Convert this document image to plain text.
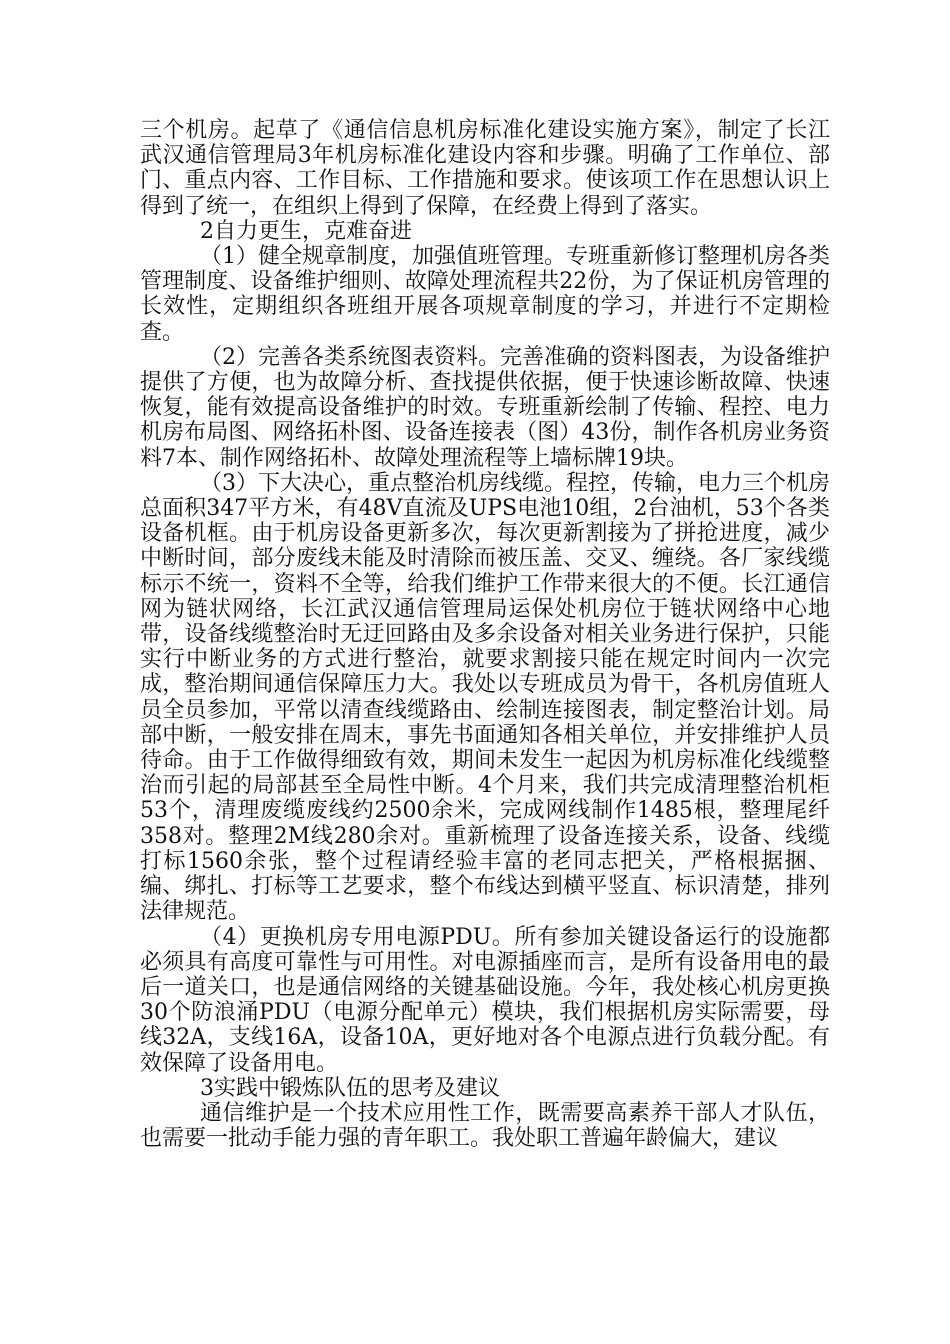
三个机房。起草了《通信信息机房标准化建设实施方案》，制定了长江武汉通信管理局3年机房标准化建设内容和步骤。明确了工作单位、部门、重点内容、工作目标、工作措施和要求。使该项工作在思想认识上得到了统一，在组织上得到了保障，在经费上得到了落实。

2自力更生，克难奋进

（1）健全规章制度，加强值班管理。专班重新修订整理机房各类管理制度、设备维护细则、故障处理流程共22份，为了保证机房管理的长效性，定期组织各班组开展各项规章制度的学习，并进行不定期检查。

（2）完善各类系统图表资料。完善准确的资料图表，为设备维护提供了方便，也为故障分析、查找提供依据，便于快速诊断故障、快速恢复，能有效提高设备维护的时效。专班重新绘制了传输、程控、电力机房布局图、网络拓朴图、设备连接表（图）43份，制作各机房业务资料7本、制作网络拓朴、故障处理流程等上墙标牌19块。

（3）下大决心，重点整治机房线缆。程控，传输，电力三个机房总面积347平方米，有48V直流及UPS电池10组，2台油机，53个各类设备机框。由于机房设备更新多次，每次更新割接为了拼抢进度，减少中断时间，部分废线未能及时清除而被压盖、交叉、缠绕。各厂家线缆标示不统一，资料不全等，给我们维护工作带来很大的不便。长江通信网为链状网络，长江武汉通信管理局运保处机房位于链状网络中心地带，设备线缆整治时无迂回路由及多余设备对相关业务进行保护，只能实行中断业务的方式进行整治，就要求割接只能在规定时间内一次完成，整治期间通信保障压力大。我处以专班成员为骨干，各机房值班人员全员参加，平常以清查线缆路由、绘制连接图表，制定整治计划。局部中断，一般安排在周末，事先书面通知各相关单位，并安排维护人员待命。由于工作做得细致有效，期间未发生一起因为机房标准化线缆整治而引起的局部甚至全局性中断。4个月来，我们共完成清理整治机柜53个，清理废缆废线约2500余米，完成网线制作1485根，整理尾纤358对。整理2M线280余对。重新梳理了设备连接关系，设备、线缆打标1560余张，整个过程请经验丰富的老同志把关，严格根据捆、编、绑扎、打标等工艺要求，整个布线达到横平竖直、标识清楚，排列法律规范。

（4）更换机房专用电源PDU。所有参加关键设备运行的设施都必须具有高度可靠性与可用性。对电源插座而言，是所有设备用电的最后一道关口，也是通信网络的关键基础设施。今年，我处核心机房更换30个防浪涌PDU（电源分配单元）模块，我们根据机房实际需要，母线32A，支线16A，设备10A，更好地对各个电源点进行负载分配。有效保障了设备用电。

3实践中锻炼队伍的思考及建议

通信维护是一个技术应用性工作，既需要高素养干部人才队伍，也需要一批动手能力强的青年职工。我处职工普遍年龄偏大，建议
